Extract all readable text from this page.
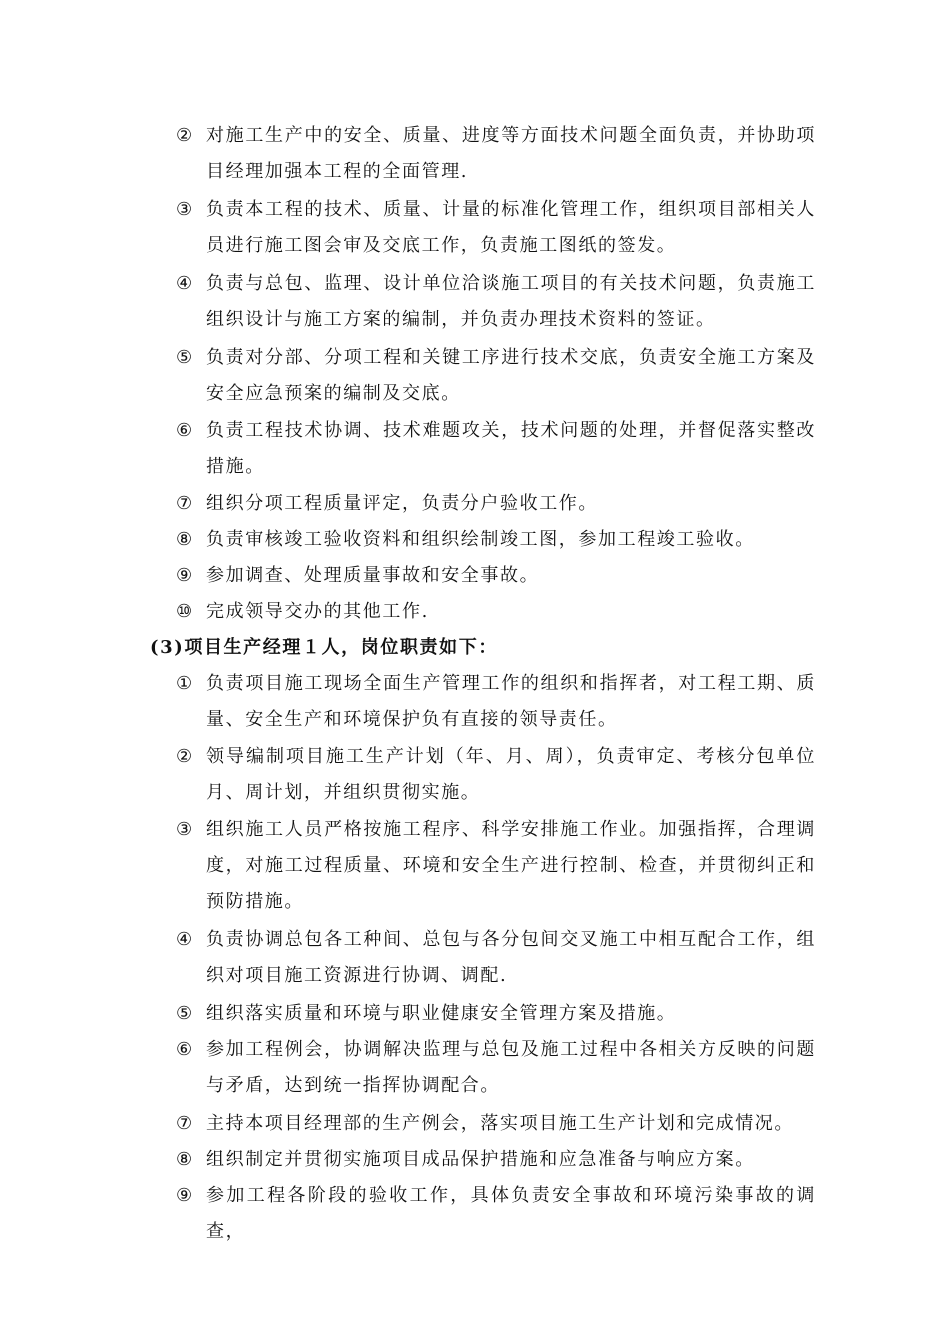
② 对施工生产中的安全、质量、进度等方面技术问题全面负责，并协助项目经理加强本工程的全面管理.
③ 负责本工程的技术、质量、计量的标准化管理工作，组织项目部相关人员进行施工图会审及交底工作，负责施工图纸的签发。
④ 负责与总包、监理、设计单位洽谈施工项目的有关技术问题，负责施工组织设计与施工方案的编制，并负责办理技术资料的签证。
⑤ 负责对分部、分项工程和关键工序进行技术交底，负责安全施工方案及安全应急预案的编制及交底。
⑥ 负责工程技术协调、技术难题攻关，技术问题的处理，并督促落实整改措施。
⑦ 组织分项工程质量评定，负责分户验收工作。
⑧ 负责审核竣工验收资料和组织绘制竣工图，参加工程竣工验收。
⑨ 参加调查、处理质量事故和安全事故。
⑩ 完成领导交办的其他工作.
(3)项目生产经理１人，岗位职责如下：
① 负责项目施工现场全面生产管理工作的组织和指挥者，对工程工期、质量、安全生产和环境保护负有直接的领导责任。
② 领导编制项目施工生产计划（年、月、周），负责审定、考核分包单位月、周计划，并组织贯彻实施。
③ 组织施工人员严格按施工程序、科学安排施工作业。加强指挥，合理调度，对施工过程质量、环境和安全生产进行控制、检查，并贯彻纠正和预防措施。
④ 负责协调总包各工种间、总包与各分包间交叉施工中相互配合工作，组织对项目施工资源进行协调、调配.
⑤ 组织落实质量和环境与职业健康安全管理方案及措施。
⑥ 参加工程例会，协调解决监理与总包及施工过程中各相关方反映的问题与矛盾，达到统一指挥协调配合。
⑦ 主持本项目经理部的生产例会，落实项目施工生产计划和完成情况。
⑧ 组织制定并贯彻实施项目成品保护措施和应急准备与响应方案。
⑨ 参加工程各阶段的验收工作，具体负责安全事故和环境污染事故的调查，
